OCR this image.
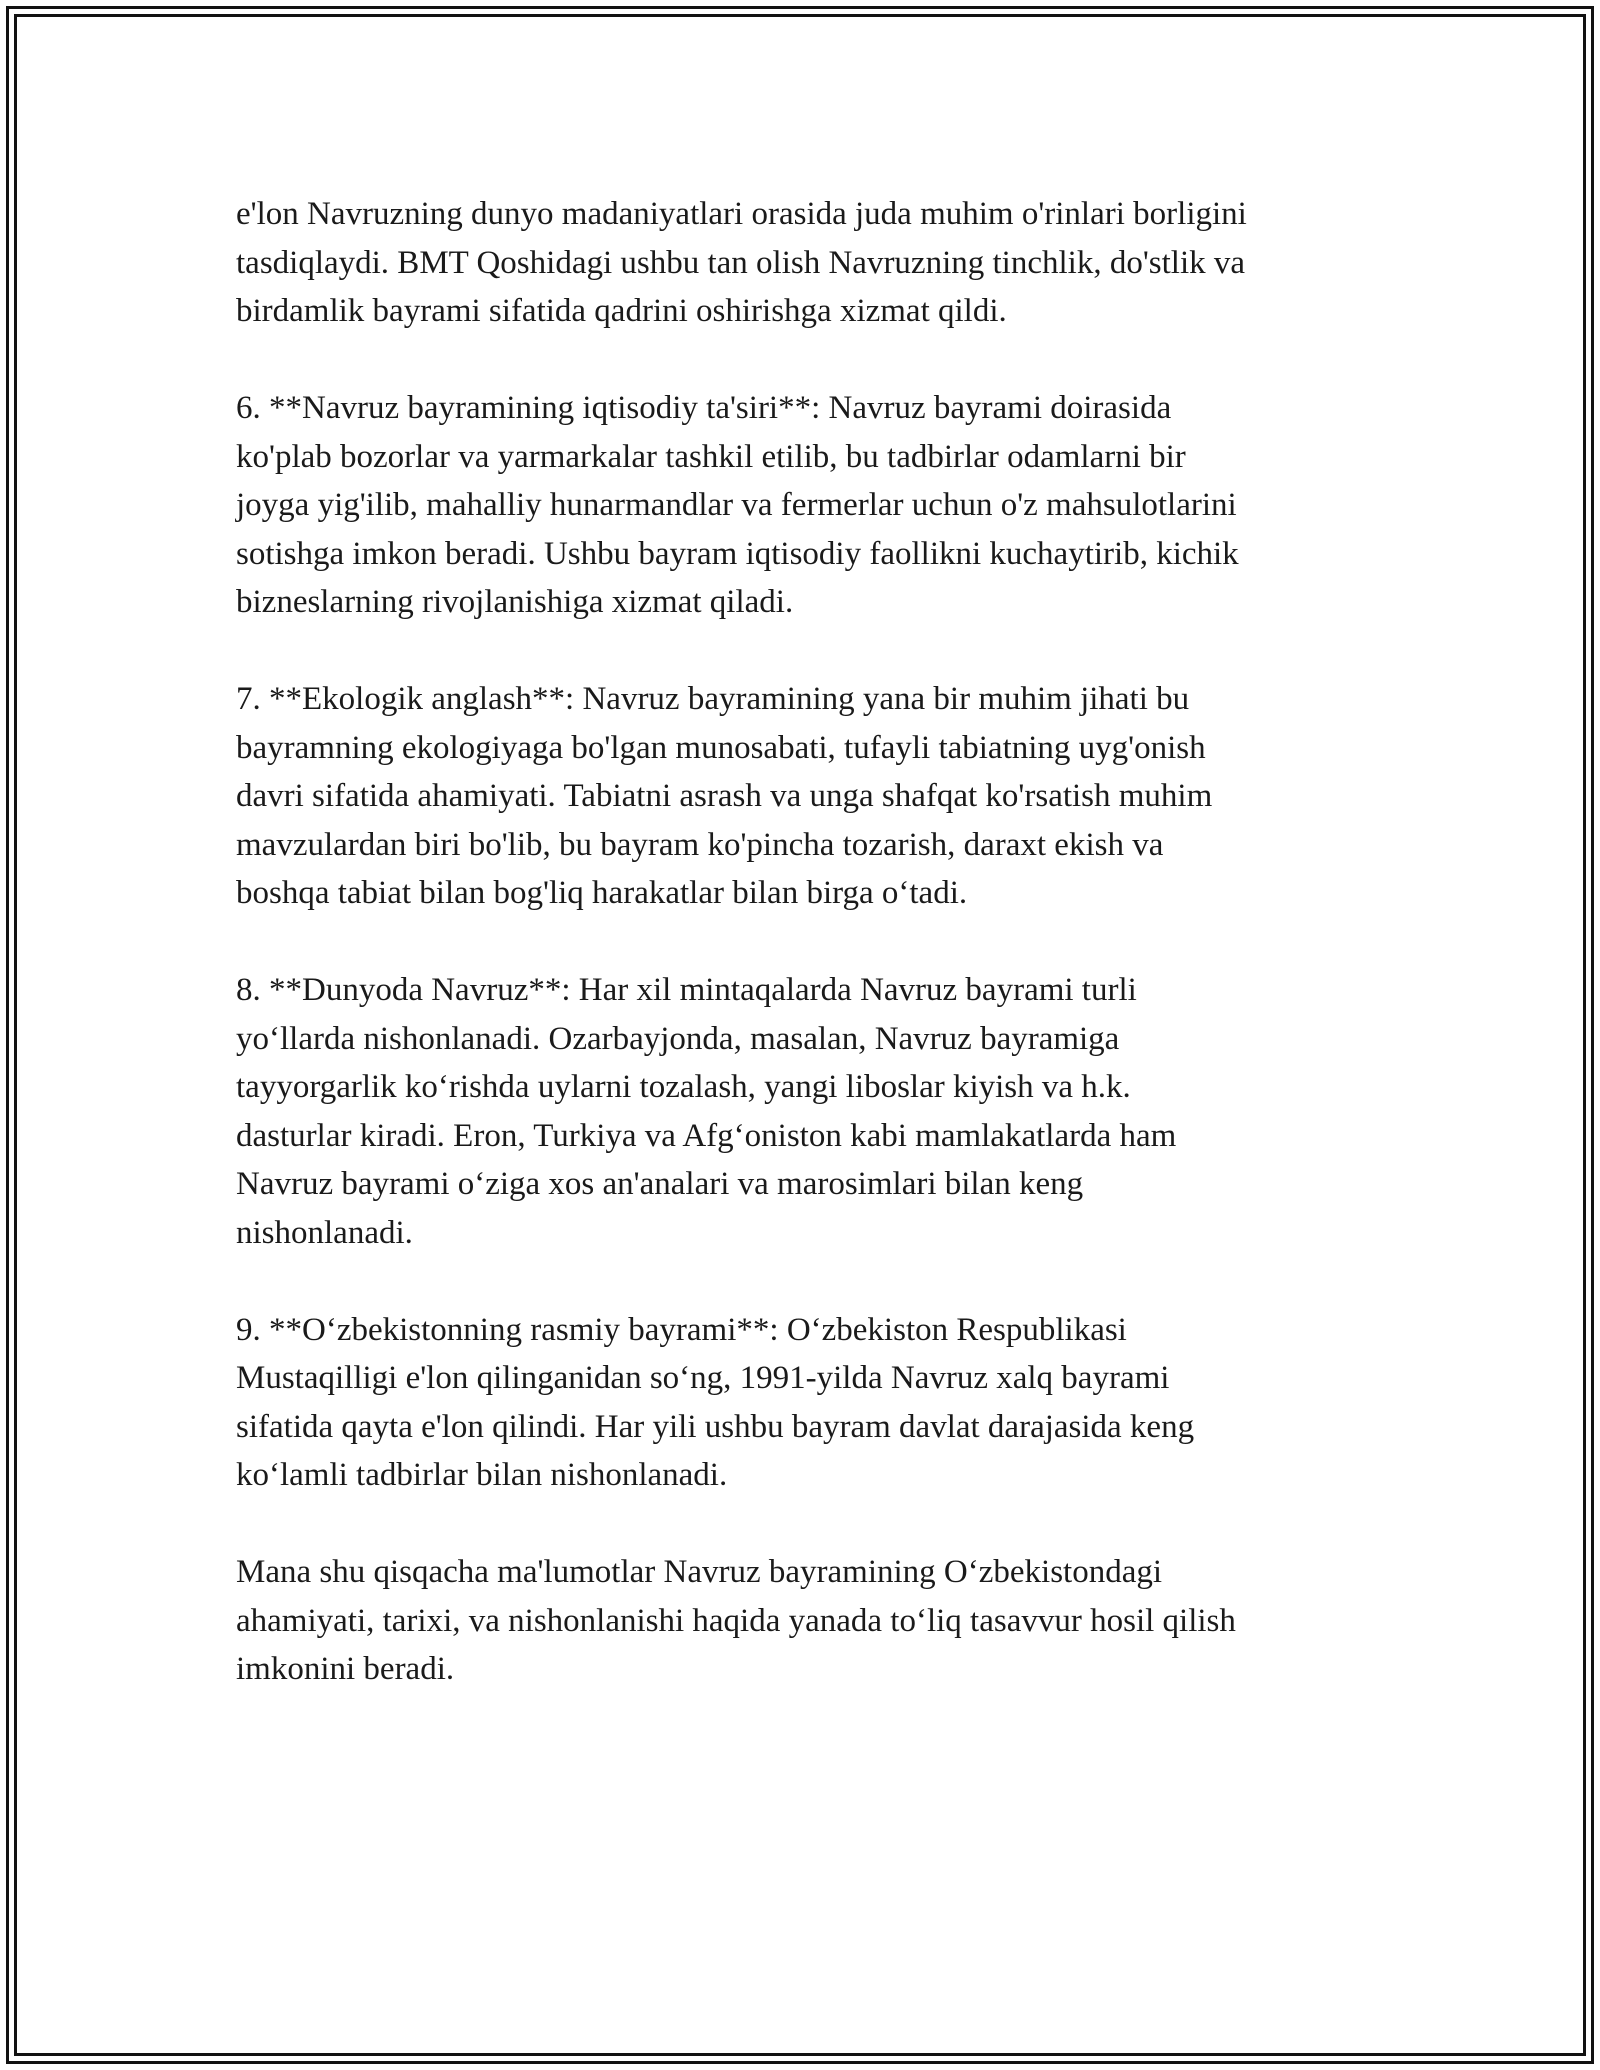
e'lon Navruzning dunyo madaniyatlari orasida juda muhim o'rinlari borligini
tasdiqlaydi. BMT Qoshidagi ushbu tan olish Navruzning tinchlik, do'stlik va
birdamlik bayrami sifatida qadrini oshirishga xizmat qildi.

6. **Navruz bayramining iqtisodiy ta'siri**: Navruz bayrami doirasida
ko'plab bozorlar va yarmarkalar tashkil etilib, bu tadbirlar odamlarni bir
joyga yig'ilib, mahalliy hunarmandlar va fermerlar uchun o'z mahsulotlarini
sotishga imkon beradi. Ushbu bayram iqtisodiy faollikni kuchaytirib, kichik
bizneslarning rivojlanishiga xizmat qiladi.

7. **Ekologik anglash**: Navruz bayramining yana bir muhim jihati bu
bayramning ekologiyaga bo'lgan munosabati, tufayli tabiatning uyg'onish
davri sifatida ahamiyati. Tabiatni asrash va unga shafqat ko'rsatish muhim
mavzulardan biri bo'lib, bu bayram ko'pincha tozarish, daraxt ekish va
boshqa tabiat bilan bog'liq harakatlar bilan birga o‘tadi.

8. **Dunyoda Navruz**: Har xil mintaqalarda Navruz bayrami turli
yo‘llarda nishonlanadi. Ozarbayjonda, masalan, Navruz bayramiga
tayyorgarlik ko‘rishda uylarni tozalash, yangi liboslar kiyish va h.k.
dasturlar kiradi. Eron, Turkiya va Afg‘oniston kabi mamlakatlarda ham
Navruz bayrami o‘ziga xos an'analari va marosimlari bilan keng
nishonlanadi.

9. **O‘zbekistonning rasmiy bayrami**: O‘zbekiston Respublikasi
Mustaqilligi e'lon qilinganidan so‘ng, 1991-yilda Navruz xalq bayrami
sifatida qayta e'lon qilindi. Har yili ushbu bayram davlat darajasida keng
ko‘lamli tadbirlar bilan nishonlanadi.

Mana shu qisqacha ma'lumotlar Navruz bayramining O‘zbekistondagi
ahamiyati, tarixi, va nishonlanishi haqida yanada to‘liq tasavvur hosil qilish
imkonini beradi.
